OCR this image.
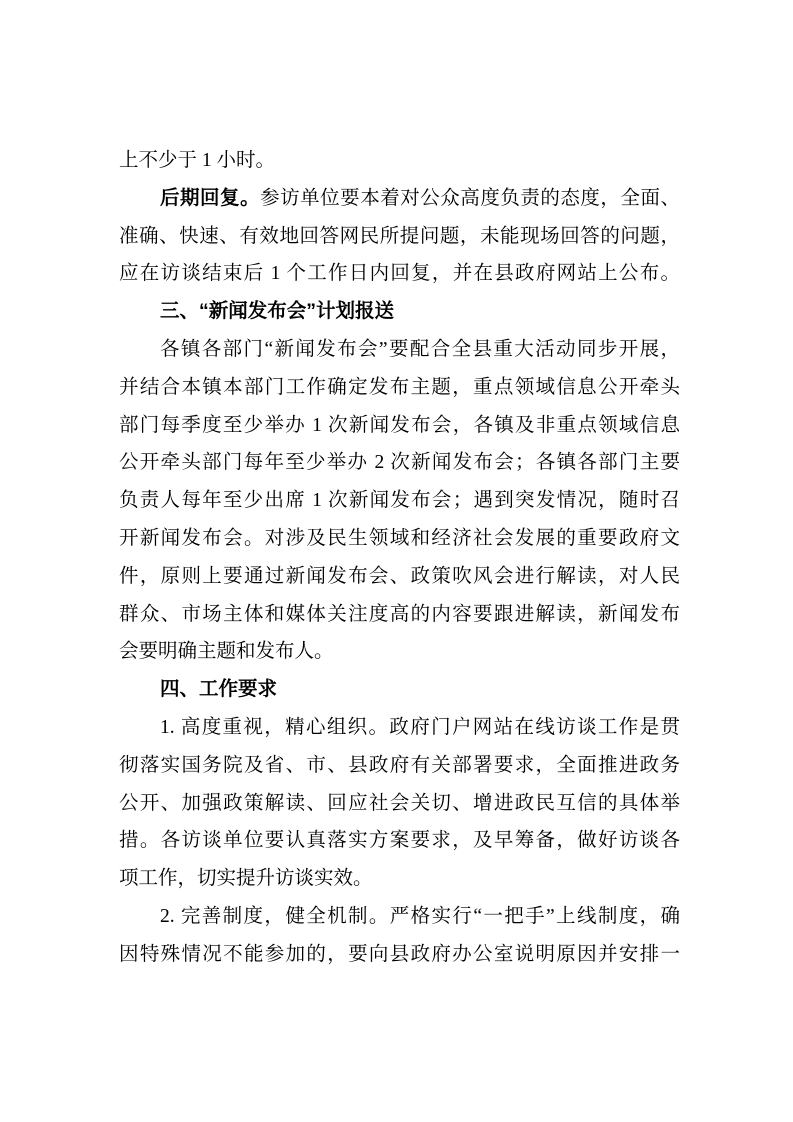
上不少于 1 小时。
后期回复。参访单位要本着对公众高度负责的态度，全面、
准确、快速、有效地回答网民所提问题，未能现场回答的问题，
应在访谈结束后 1 个工作日内回复，并在县政府网站上公布。
三、“新闻发布会”计划报送
各镇各部门“新闻发布会”要配合全县重大活动同步开展，
并结合本镇本部门工作确定发布主题，重点领域信息公开牵头
部门每季度至少举办 1 次新闻发布会，各镇及非重点领域信息
公开牵头部门每年至少举办 2 次新闻发布会；各镇各部门主要
负责人每年至少出席 1 次新闻发布会；遇到突发情况，随时召
开新闻发布会。对涉及民生领域和经济社会发展的重要政府文
件，原则上要通过新闻发布会、政策吹风会进行解读，对人民
群众、市场主体和媒体关注度高的内容要跟进解读，新闻发布
会要明确主题和发布人。
四、工作要求
1. 高度重视，精心组织。政府门户网站在线访谈工作是贯
彻落实国务院及省、市、县政府有关部署要求，全面推进政务
公开、加强政策解读、回应社会关切、增进政民互信的具体举
措。各访谈单位要认真落实方案要求，及早筹备，做好访谈各
项工作，切实提升访谈实效。
2. 完善制度，健全机制。严格实行“一把手”上线制度，确
因特殊情况不能参加的，要向县政府办公室说明原因并安排一
